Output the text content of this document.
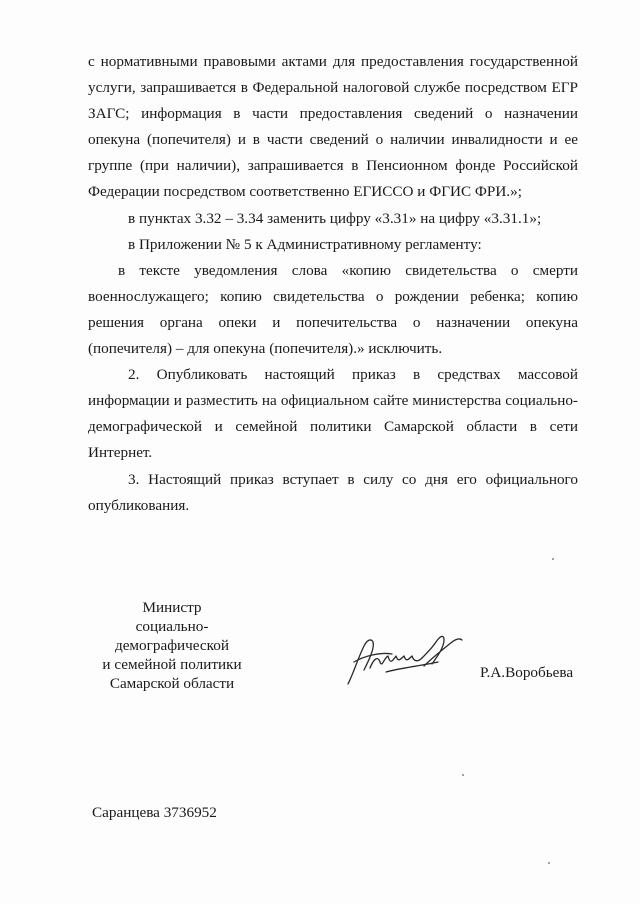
с нормативными правовыми актами для предоставления государственной услуги, запрашивается в Федеральной налоговой службе посредством ЕГР ЗАГС; информация в части предоставления сведений о назначении опекуна (попечителя) и в части сведений о наличии инвалидности и ее группе (при наличии), запрашивается в Пенсионном фонде Российской Федерации посредством соответственно ЕГИССО и ФГИС ФРИ.»;

в пунктах 3.32 – 3.34 заменить цифру «3.31» на цифру «3.31.1»;

в Приложении № 5 к Административному регламенту:

в тексте уведомления слова «копию свидетельства о смерти военнослужащего; копию свидетельства о рождении ребенка; копию решения органа опеки и попечительства о назначении опекуна (попечителя) – для опекуна (попечителя).» исключить.

2. Опубликовать настоящий приказ в средствах массовой информации и разместить на официальном сайте министерства социально-демографической и семейной политики Самарской области в сети Интернет.

3. Настоящий приказ вступает в силу со дня его официального опубликования.

Министр
социально-
демографической
и семейной политики
Самарской области
Р.А.Воробьева
Саранцева 3736952
